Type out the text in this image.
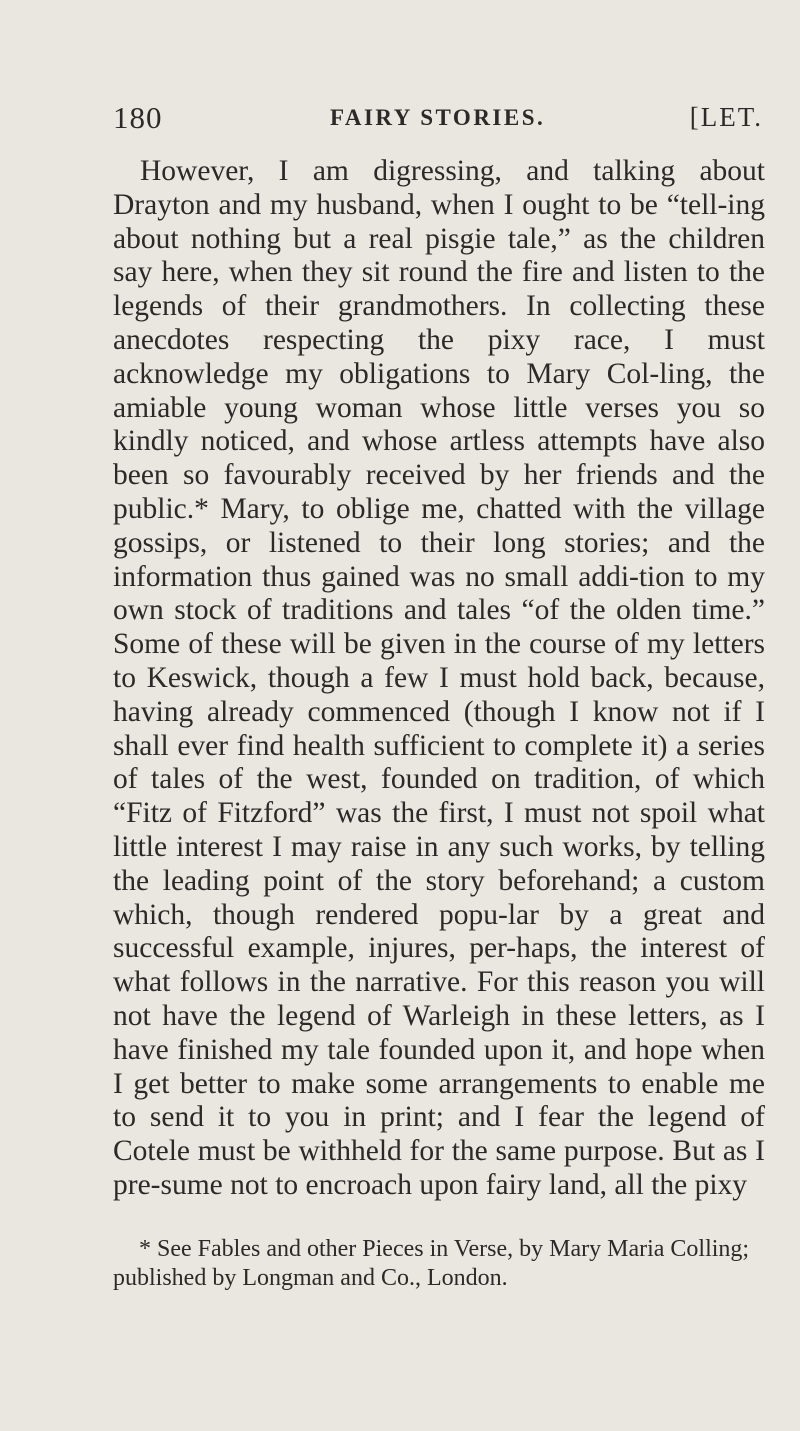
180	FAIRY STORIES.	[LET.

However, I am digressing, and talking about Drayton and my husband, when I ought to be “tell-ing about nothing but a real pisgie tale,” as the children say here, when they sit round the fire and listen to the legends of their grandmothers. In collecting these anecdotes respecting the pixy race, I must acknowledge my obligations to Mary Col-ling, the amiable young woman whose little verses you so kindly noticed, and whose artless attempts have also been so favourably received by her friends and the public.* Mary, to oblige me, chatted with the village gossips, or listened to their long stories; and the information thus gained was no small addi-tion to my own stock of traditions and tales “of the olden time.” Some of these will be given in the course of my letters to Keswick, though a few I must hold back, because, having already commenced (though I know not if I shall ever find health sufficient to complete it) a series of tales of the west, founded on tradition, of which “Fitz of Fitzford” was the first, I must not spoil what little interest I may raise in any such works, by telling the leading point of the story beforehand; a custom which, though rendered popu-lar by a great and successful example, injures, per-haps, the interest of what follows in the narrative. For this reason you will not have the legend of Warleigh in these letters, as I have finished my tale founded upon it, and hope when I get better to make some arrangements to enable me to send it to you in print; and I fear the legend of Cotele must be withheld for the same purpose. But as I pre-sume not to encroach upon fairy land, all the pixy

* See Fables and other Pieces in Verse, by Mary Maria Colling; published by Longman and Co., London.
